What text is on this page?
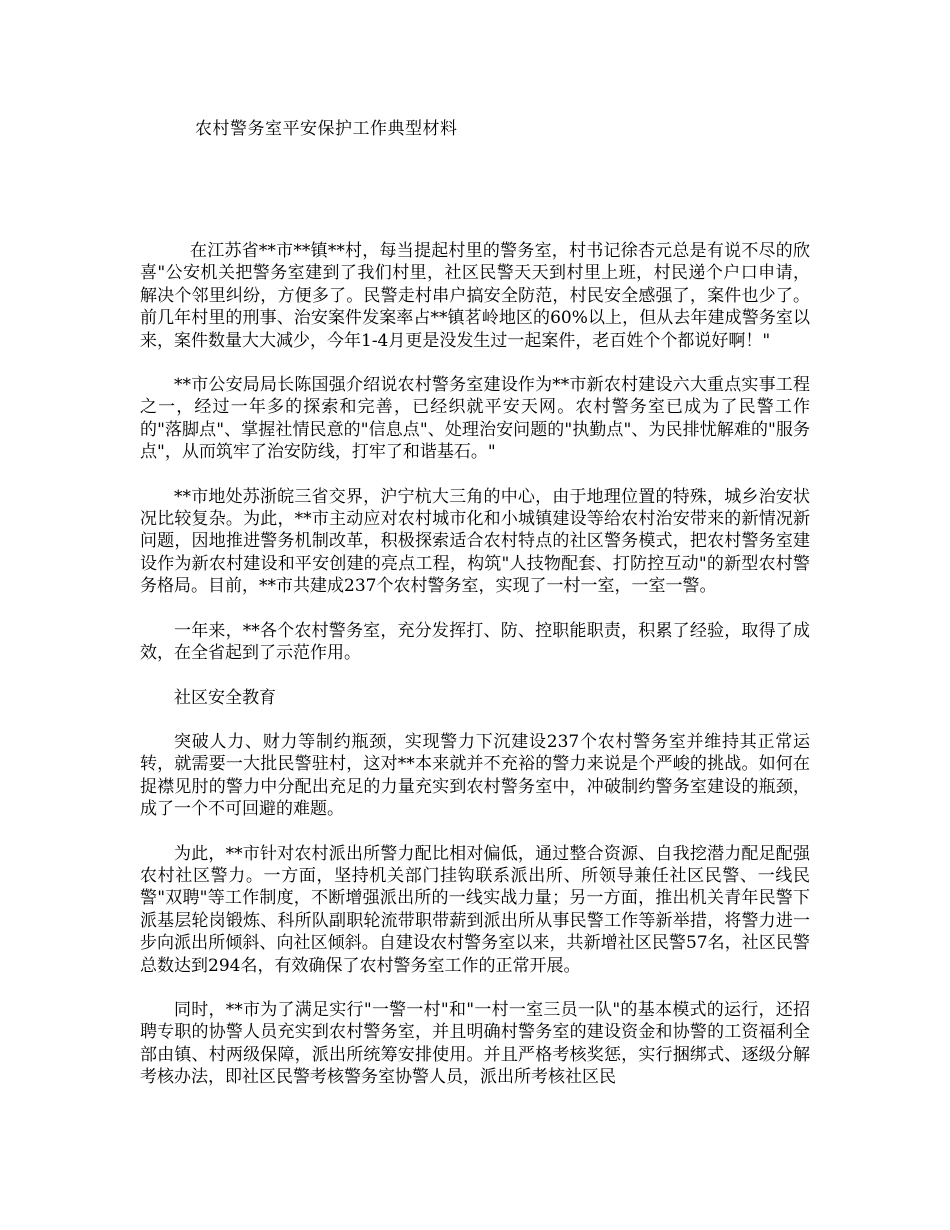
农村警务室平安保护工作典型材料

在江苏省**市**镇**村，每当提起村里的警务室，村书记徐杏元总是有说不尽的欣喜"公安机关把警务室建到了我们村里，社区民警天天到村里上班，村民递个户口申请，解决个邻里纠纷，方便多了。民警走村串户搞安全防范，村民安全感强了，案件也少了。前几年村里的刑事、治安案件发案率占**镇茗岭地区的60%以上，但从去年建成警务室以来，案件数量大大减少，今年1-4月更是没发生过一起案件，老百姓个个都说好啊！"

**市公安局局长陈国强介绍说农村警务室建设作为**市新农村建设六大重点实事工程之一，经过一年多的探索和完善，已经织就平安天网。农村警务室已成为了民警工作的"落脚点"、掌握社情民意的"信息点"、处理治安问题的"执勤点"、为民排忧解难的"服务点"，从而筑牢了治安防线，打牢了和谐基石。"

**市地处苏浙皖三省交界，沪宁杭大三角的中心，由于地理位置的特殊，城乡治安状况比较复杂。为此，**市主动应对农村城市化和小城镇建设等给农村治安带来的新情况新问题，因地推进警务机制改革，积极探索适合农村特点的社区警务模式，把农村警务室建设作为新农村建设和平安创建的亮点工程，构筑"人技物配套、打防控互动"的新型农村警务格局。目前，**市共建成237个农村警务室，实现了一村一室，一室一警。

一年来，**各个农村警务室，充分发挥打、防、控职能职责，积累了经验，取得了成效，在全省起到了示范作用。

社区安全教育

突破人力、财力等制约瓶颈，实现警力下沉建设237个农村警务室并维持其正常运转，就需要一大批民警驻村，这对**本来就并不充裕的警力来说是个严峻的挑战。如何在捉襟见肘的警力中分配出充足的力量充实到农村警务室中，冲破制约警务室建设的瓶颈，成了一个不可回避的难题。

为此，**市针对农村派出所警力配比相对偏低，通过整合资源、自我挖潜力配足配强农村社区警力。一方面，坚持机关部门挂钩联系派出所、所领导兼任社区民警、一线民警"双聘"等工作制度，不断增强派出所的一线实战力量；另一方面，推出机关青年民警下派基层轮岗锻炼、科所队副职轮流带职带薪到派出所从事民警工作等新举措，将警力进一步向派出所倾斜、向社区倾斜。自建设农村警务室以来，共新增社区民警57名，社区民警总数达到294名，有效确保了农村警务室工作的正常开展。

同时，**市为了满足实行"一警一村"和"一村一室三员一队"的基本模式的运行，还招聘专职的协警人员充实到农村警务室，并且明确村警务室的建设资金和协警的工资福利全部由镇、村两级保障，派出所统筹安排使用。并且严格考核奖惩，实行捆绑式、逐级分解考核办法，即社区民警考核警务室协警人员，派出所考核社区民
